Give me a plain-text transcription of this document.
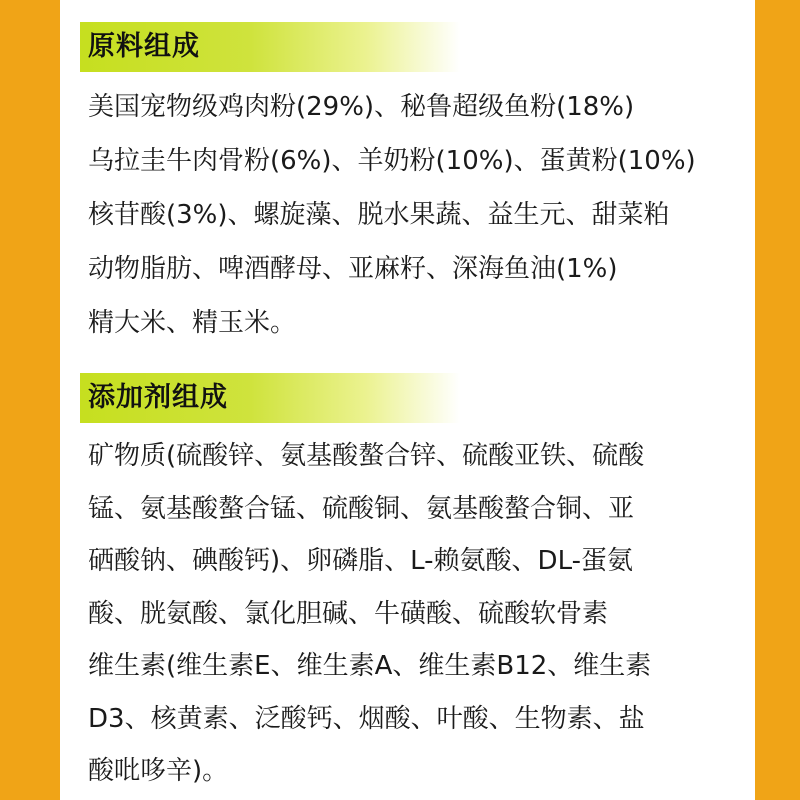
原料组成
美国宠物级鸡肉粉(29%)、秘鲁超级鱼粉(18%)
乌拉圭牛肉骨粉(6%)、羊奶粉(10%)、蛋黄粉(10%)
核苷酸(3%)、螺旋藻、脱水果蔬、益生元、甜菜粕
动物脂肪、啤酒酵母、亚麻籽、深海鱼油(1%)
精大米、精玉米。
添加剂组成
矿物质(硫酸锌、氨基酸螯合锌、硫酸亚铁、硫酸
锰、氨基酸螯合锰、硫酸铜、氨基酸螯合铜、亚
硒酸钠、碘酸钙)、卵磷脂、L-赖氨酸、DL-蛋氨
酸、胱氨酸、氯化胆碱、牛磺酸、硫酸软骨素
维生素(维生素E、维生素A、维生素B12、维生素
D3、核黄素、泛酸钙、烟酸、叶酸、生物素、盐
酸吡哆辛)。
